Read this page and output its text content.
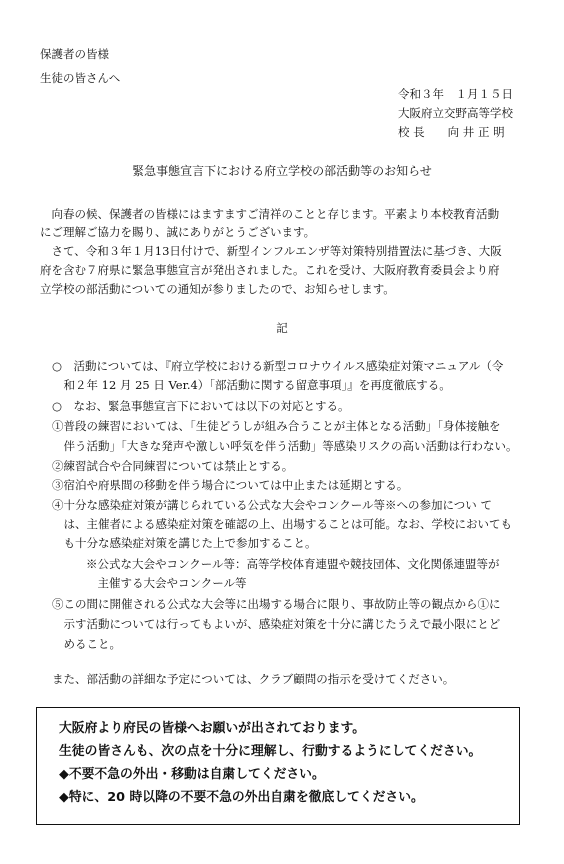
保護者の皆様
生徒の皆さんへ
令和３年　１月１５日
大阪府立交野高等学校
校 長　　向 井 正 明
緊急事態宣言下における府立学校の部活動等のお知らせ
　向春の候、保護者の皆様にはますますご清祥のことと存じます。平素より本校教育活動
にご理解ご協力を賜り、誠にありがとうございます。
　さて、令和３年１月13日付けで、新型インフルエンザ等対策特別措置法に基づき、大阪
府を含む７府県に緊急事態宣言が発出されました。これを受け、大阪府教育委員会より府
立学校の部活動についての通知が参りましたので、お知らせします。
記
○　活動については、『府立学校における新型コロナウイルス感染症対策マニュアル（令
　和２年 12 月 25 日 Ver.4）「部活動に関する留意事項」』を再度徹底する。
○　なお、緊急事態宣言下においては以下の対応とする。
①普段の練習においては、「生徒どうしが組み合うことが主体となる活動」「身体接触を
　伴う活動」「大きな発声や激しい呼気を伴う活動」等感染リスクの高い活動は行わない。
②練習試合や合同練習については禁止とする。
③宿泊や府県間の移動を伴う場合については中止または延期とする。
④十分な感染症対策が講じられている公式な大会やコンクール等※への参加につい て
　は、主催者による感染症対策を確認の上、出場することは可能。なお、学校においても
　も十分な感染症対策を講じた上で参加すること。
※公式な大会やコンクール等：高等学校体育連盟や競技団体、文化関係連盟等が
　主催する大会やコンクール等
⑤この間に開催される公式な大会等に出場する場合に限り、事故防止等の観点から①に
　示す活動については行ってもよいが、感染症対策を十分に講じたうえで最小限にとど
　めること。
また、部活動の詳細な予定については、クラブ顧問の指示を受けてください。
大阪府より府民の皆様へお願いが出されております。
生徒の皆さんも、次の点を十分に理解し、行動するようにしてください。
◆不要不急の外出・移動は自粛してください。
◆特に、20 時以降の不要不急の外出自粛を徹底してください。
